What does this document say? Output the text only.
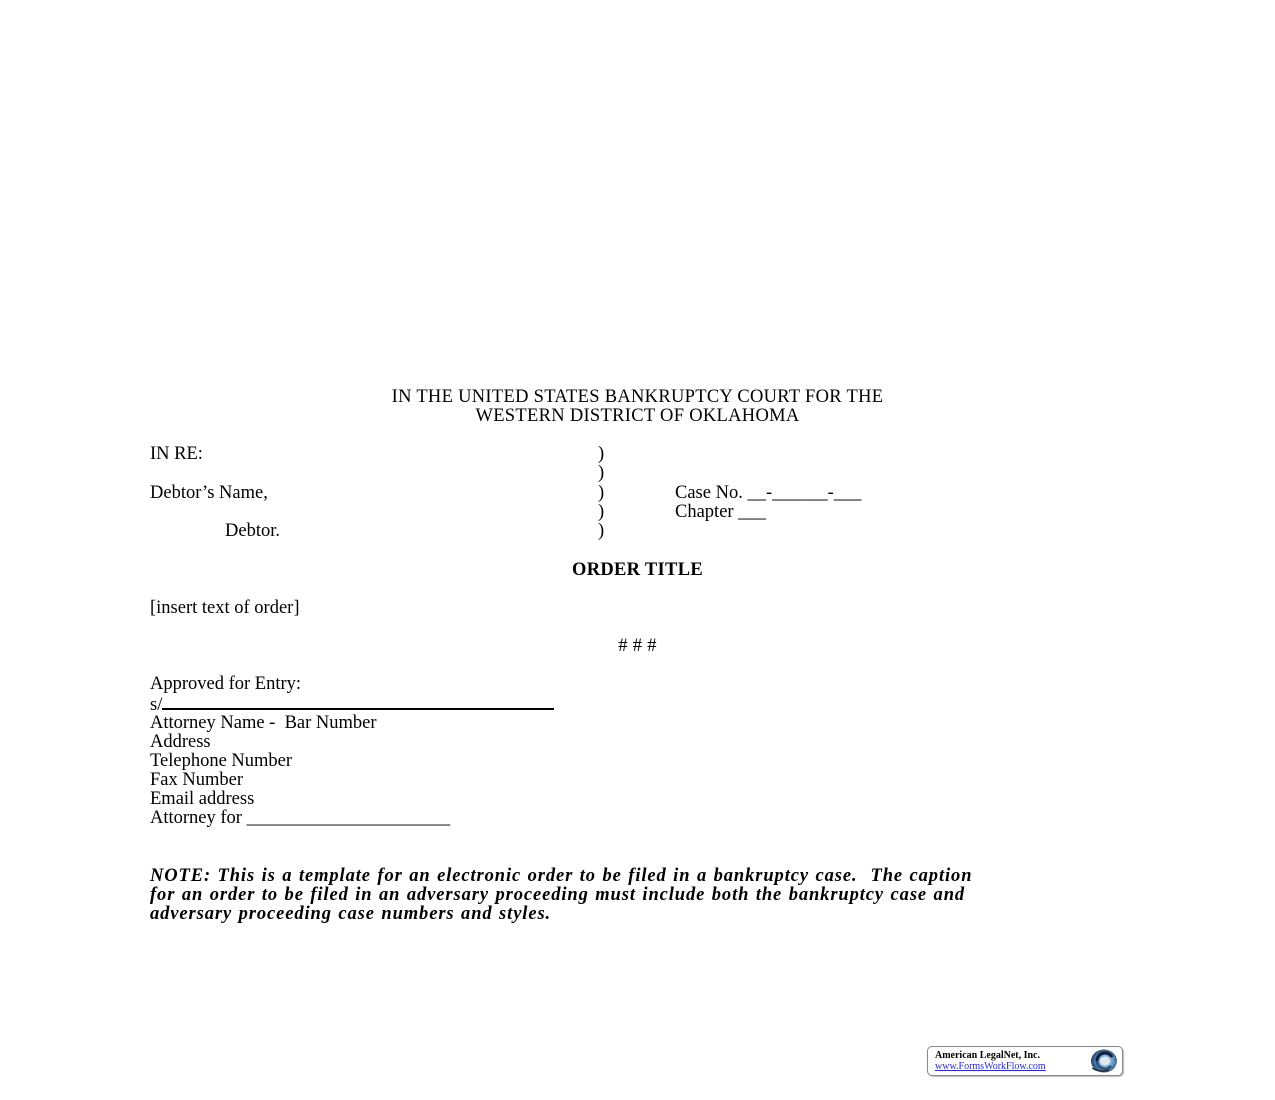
IN THE UNITED STATES BANKRUPTCY COURT FOR THE
WESTERN DISTRICT OF OKLAHOMA
IN RE:
Debtor’s Name,
Debtor.
)
)
)
)
)
Case No. __-______-___
Chapter ___
ORDER TITLE
[insert text of order]
# # #
Approved for Entry:
s/
Attorney Name -  Bar Number
Address
Telephone Number
Fax Number
Email address
Attorney for ______________________
NOTE: This is a template for an electronic order to be filed in a bankruptcy case.  The caption
for an order to be filed in an adversary proceeding must include both the bankruptcy case and
adversary proceeding case numbers and styles.
American LegalNet, Inc.
www.FormsWorkFlow.com
